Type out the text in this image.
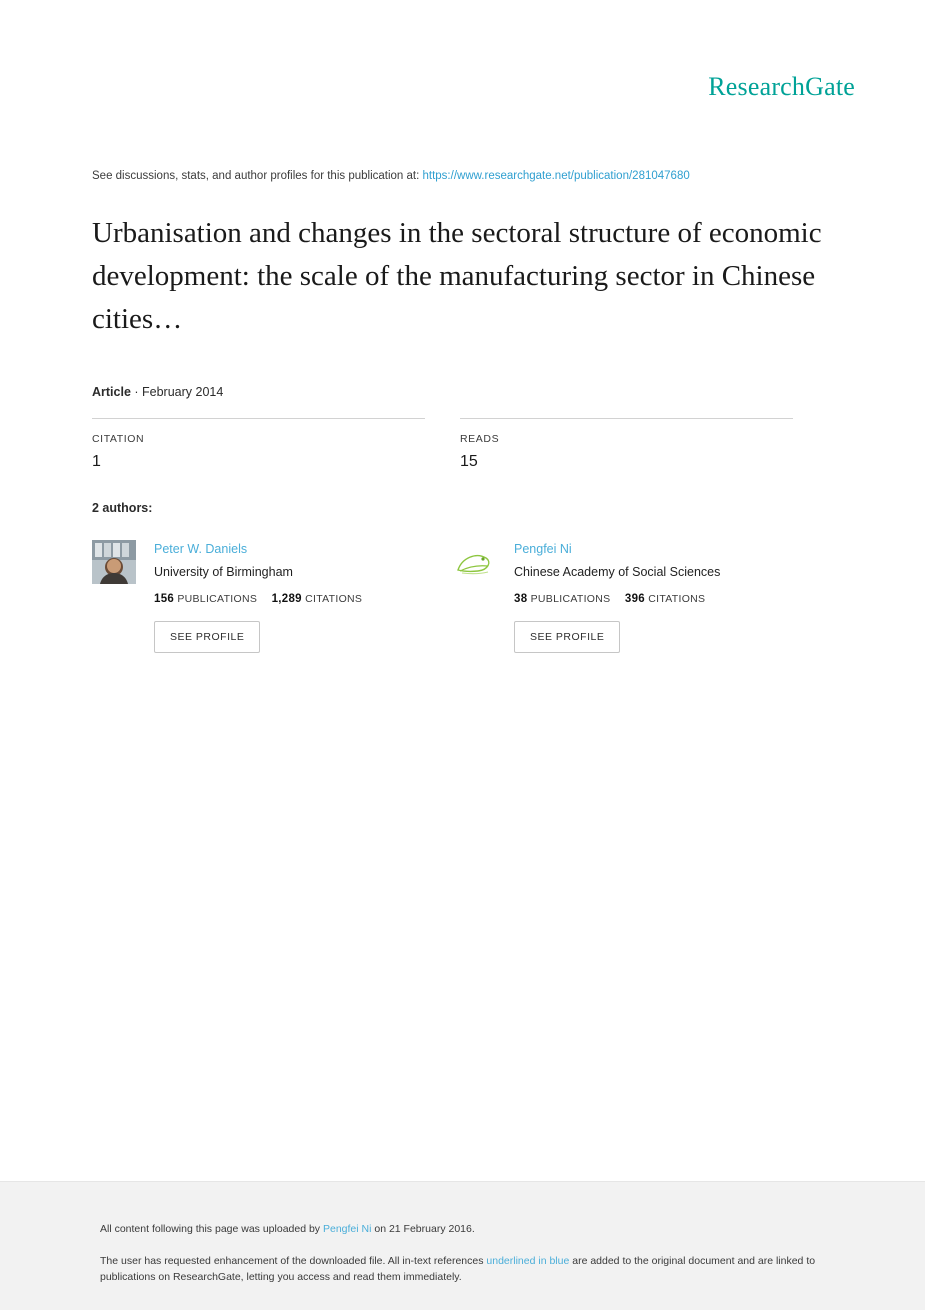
ResearchGate
See discussions, stats, and author profiles for this publication at: https://www.researchgate.net/publication/281047680
Urbanisation and changes in the sectoral structure of economic development: the scale of the manufacturing sector in Chinese cities…
Article · February 2014
CITATION
1
READS
15
2 authors:
Peter W. Daniels
University of Birmingham
156 PUBLICATIONS 1,289 CITATIONS
SEE PROFILE
Pengfei Ni
Chinese Academy of Social Sciences
38 PUBLICATIONS 396 CITATIONS
SEE PROFILE
All content following this page was uploaded by Pengfei Ni on 21 February 2016.
The user has requested enhancement of the downloaded file. All in-text references underlined in blue are added to the original document and are linked to publications on ResearchGate, letting you access and read them immediately.
